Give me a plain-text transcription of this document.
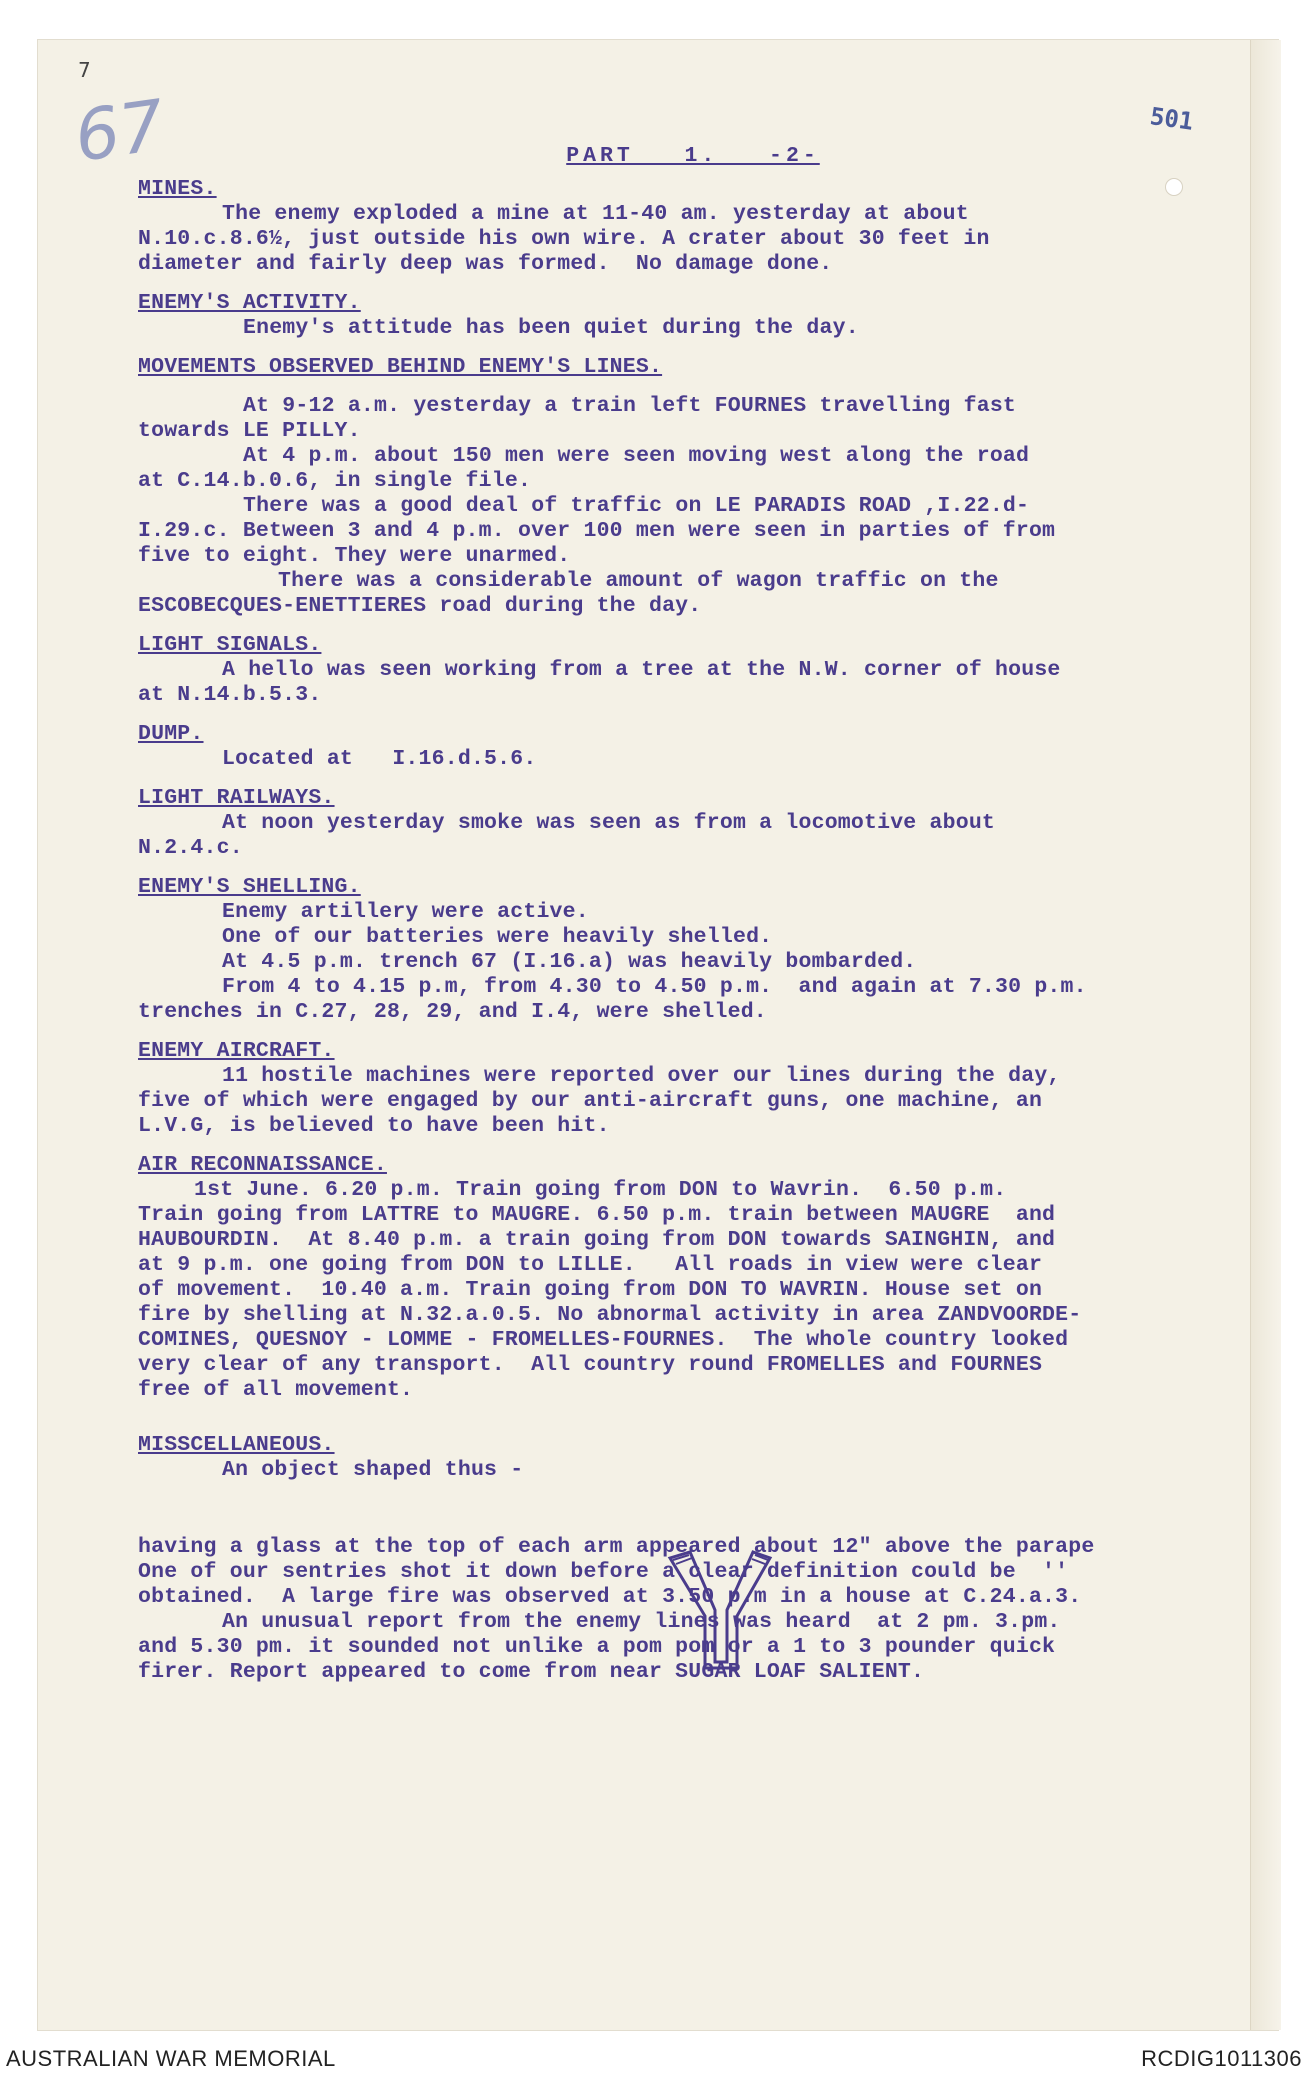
7
67	501
PART   1.   -2-
MINES.
The enemy exploded a mine at 11-40 am. yesterday at about
N.10.c.8.6½, just outside his own wire. A crater about 30 feet in
diameter and fairly deep was formed.  No damage done.
ENEMY'S ACTIVITY.
Enemy's attitude has been quiet during the day.
MOVEMENTS OBSERVED BEHIND ENEMY'S LINES.
At 9-12 a.m. yesterday a train left FOURNES travelling fast
towards LE PILLY.
At 4 p.m. about 150 men were seen moving west along the road
at C.14.b.0.6, in single file.
There was a good deal of traffic on LE PARADIS ROAD ,I.22.d-
I.29.c. Between 3 and 4 p.m. over 100 men were seen in parties of from
five to eight. They were unarmed.
There was a considerable amount of wagon traffic on the
ESCOBECQUES-ENETTIERES road during the day.
LIGHT SIGNALS.
A hello was seen working from a tree at the N.W. corner of house
at N.14.b.5.3.
DUMP.
Located at   I.16.d.5.6.
LIGHT RAILWAYS.
At noon yesterday smoke was seen as from a locomotive about
N.2.4.c.
ENEMY'S SHELLING.
Enemy artillery were active.
One of our batteries were heavily shelled.
At 4.5 p.m. trench 67 (I.16.a) was heavily bombarded.
From 4 to 4.15 p.m, from 4.30 to 4.50 p.m.  and again at 7.30 p.m.
trenches in C.27, 28, 29, and I.4, were shelled.
ENEMY AIRCRAFT.
11 hostile machines were reported over our lines during the day,
five of which were engaged by our anti-aircraft guns, one machine, an
L.V.G, is believed to have been hit.
AIR RECONNAISSANCE.
1st June. 6.20 p.m. Train going from DON to Wavrin.  6.50 p.m.
Train going from LATTRE to MAUGRE. 6.50 p.m. train between MAUGRE  and
HAUBOURDIN.  At 8.40 p.m. a train going from DON towards SAINGHIN, and
at 9 p.m. one going from DON to LILLE.   All roads in view were clear
of movement.  10.40 a.m. Train going from DON TO WAVRIN. House set on
fire by shelling at N.32.a.0.5. No abnormal activity in area ZANDVOORDE-
COMINES, QUESNOY - LOMME - FROMELLES-FOURNES.  The whole country looked
very clear of any transport.  All country round FROMELLES and FOURNES
free of all movement.
MISSCELLANEOUS.
An object shaped thus -
having a glass at the top of each arm appeared about 12" above the parape
One of our sentries shot it down before a clear definition could be  ''
obtained.  A large fire was observed at 3.50 p.m in a house at C.24.a.3.
An unusual report from the enemy lines was heard  at 2 pm. 3.pm.
and 5.30 pm. it sounded not unlike a pom pom or a 1 to 3 pounder quick
firer. Report appeared to come from near SUGAR LOAF SALIENT.
AUSTRALIAN WAR MEMORIAL	RCDIG1011306
